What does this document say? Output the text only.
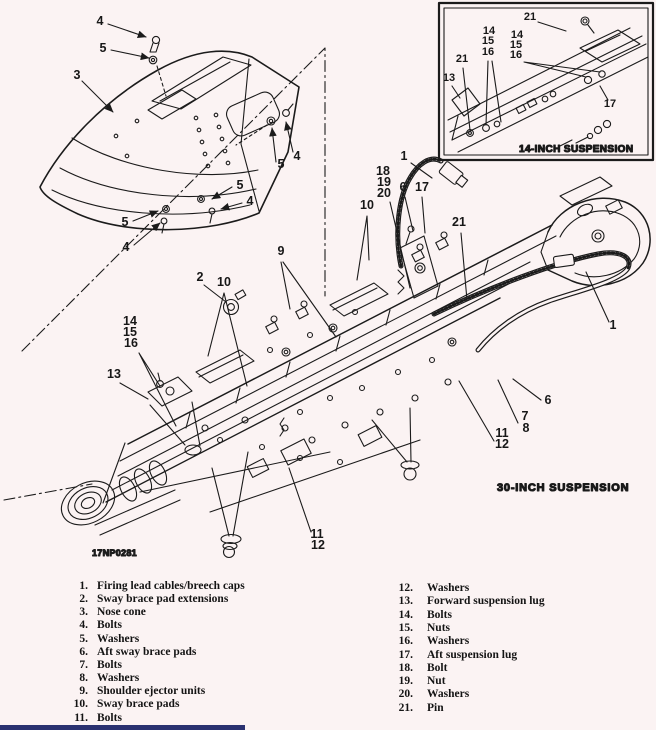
14-INCH SUSPENSION
30-INCH SUSPENSION
17NP0281
4
5
3
4
5
5
4
5
4
2 10
9
14
15
16
13
1
18
19
20 6 17
10
21
1
6
7
8
11
12
11
12
21
14
15
16
14
15
16
21
13
17
1. Firing lead cables/breech caps
2. Sway brace pad extensions
3. Nose cone
4. Bolts
5. Washers
6. Aft sway brace pads
7. Bolts
8. Washers
9. Shoulder ejector units
10. Sway brace pads
11. Bolts
12. Washers
13. Forward suspension lug
14. Bolts
15. Nuts
16. Washers
17. Aft suspension lug
18. Bolt
19. Nut
20. Washers
21. Pin
